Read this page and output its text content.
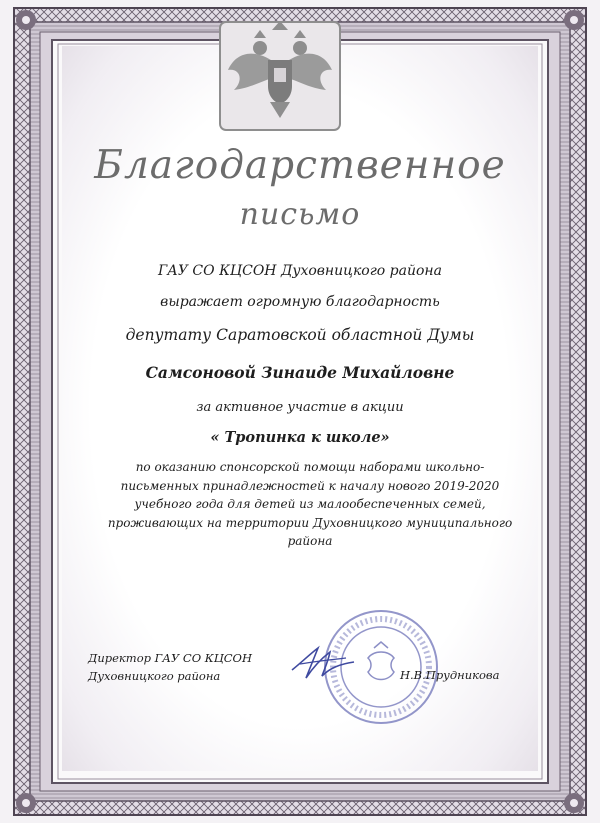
Благодарственное
письмо
ГАУ СО КЦСОН Духовницкого района
выражает огромную благодарность
депутату Саратовской областной Думы
Самсоновой Зинаиде Михайловне
за активное участие в акции
« Тропинка к школе»
по оказанию спонсорской помощи наборами школьно-
письменных принадлежностей к началу нового 2019-2020
учебного года для детей из малообеспеченных семей,
проживающих на территории Духовницкого муниципального
района
Директор ГАУ СО КЦСОН
Духовницкого района	Н.В.Прудникова
